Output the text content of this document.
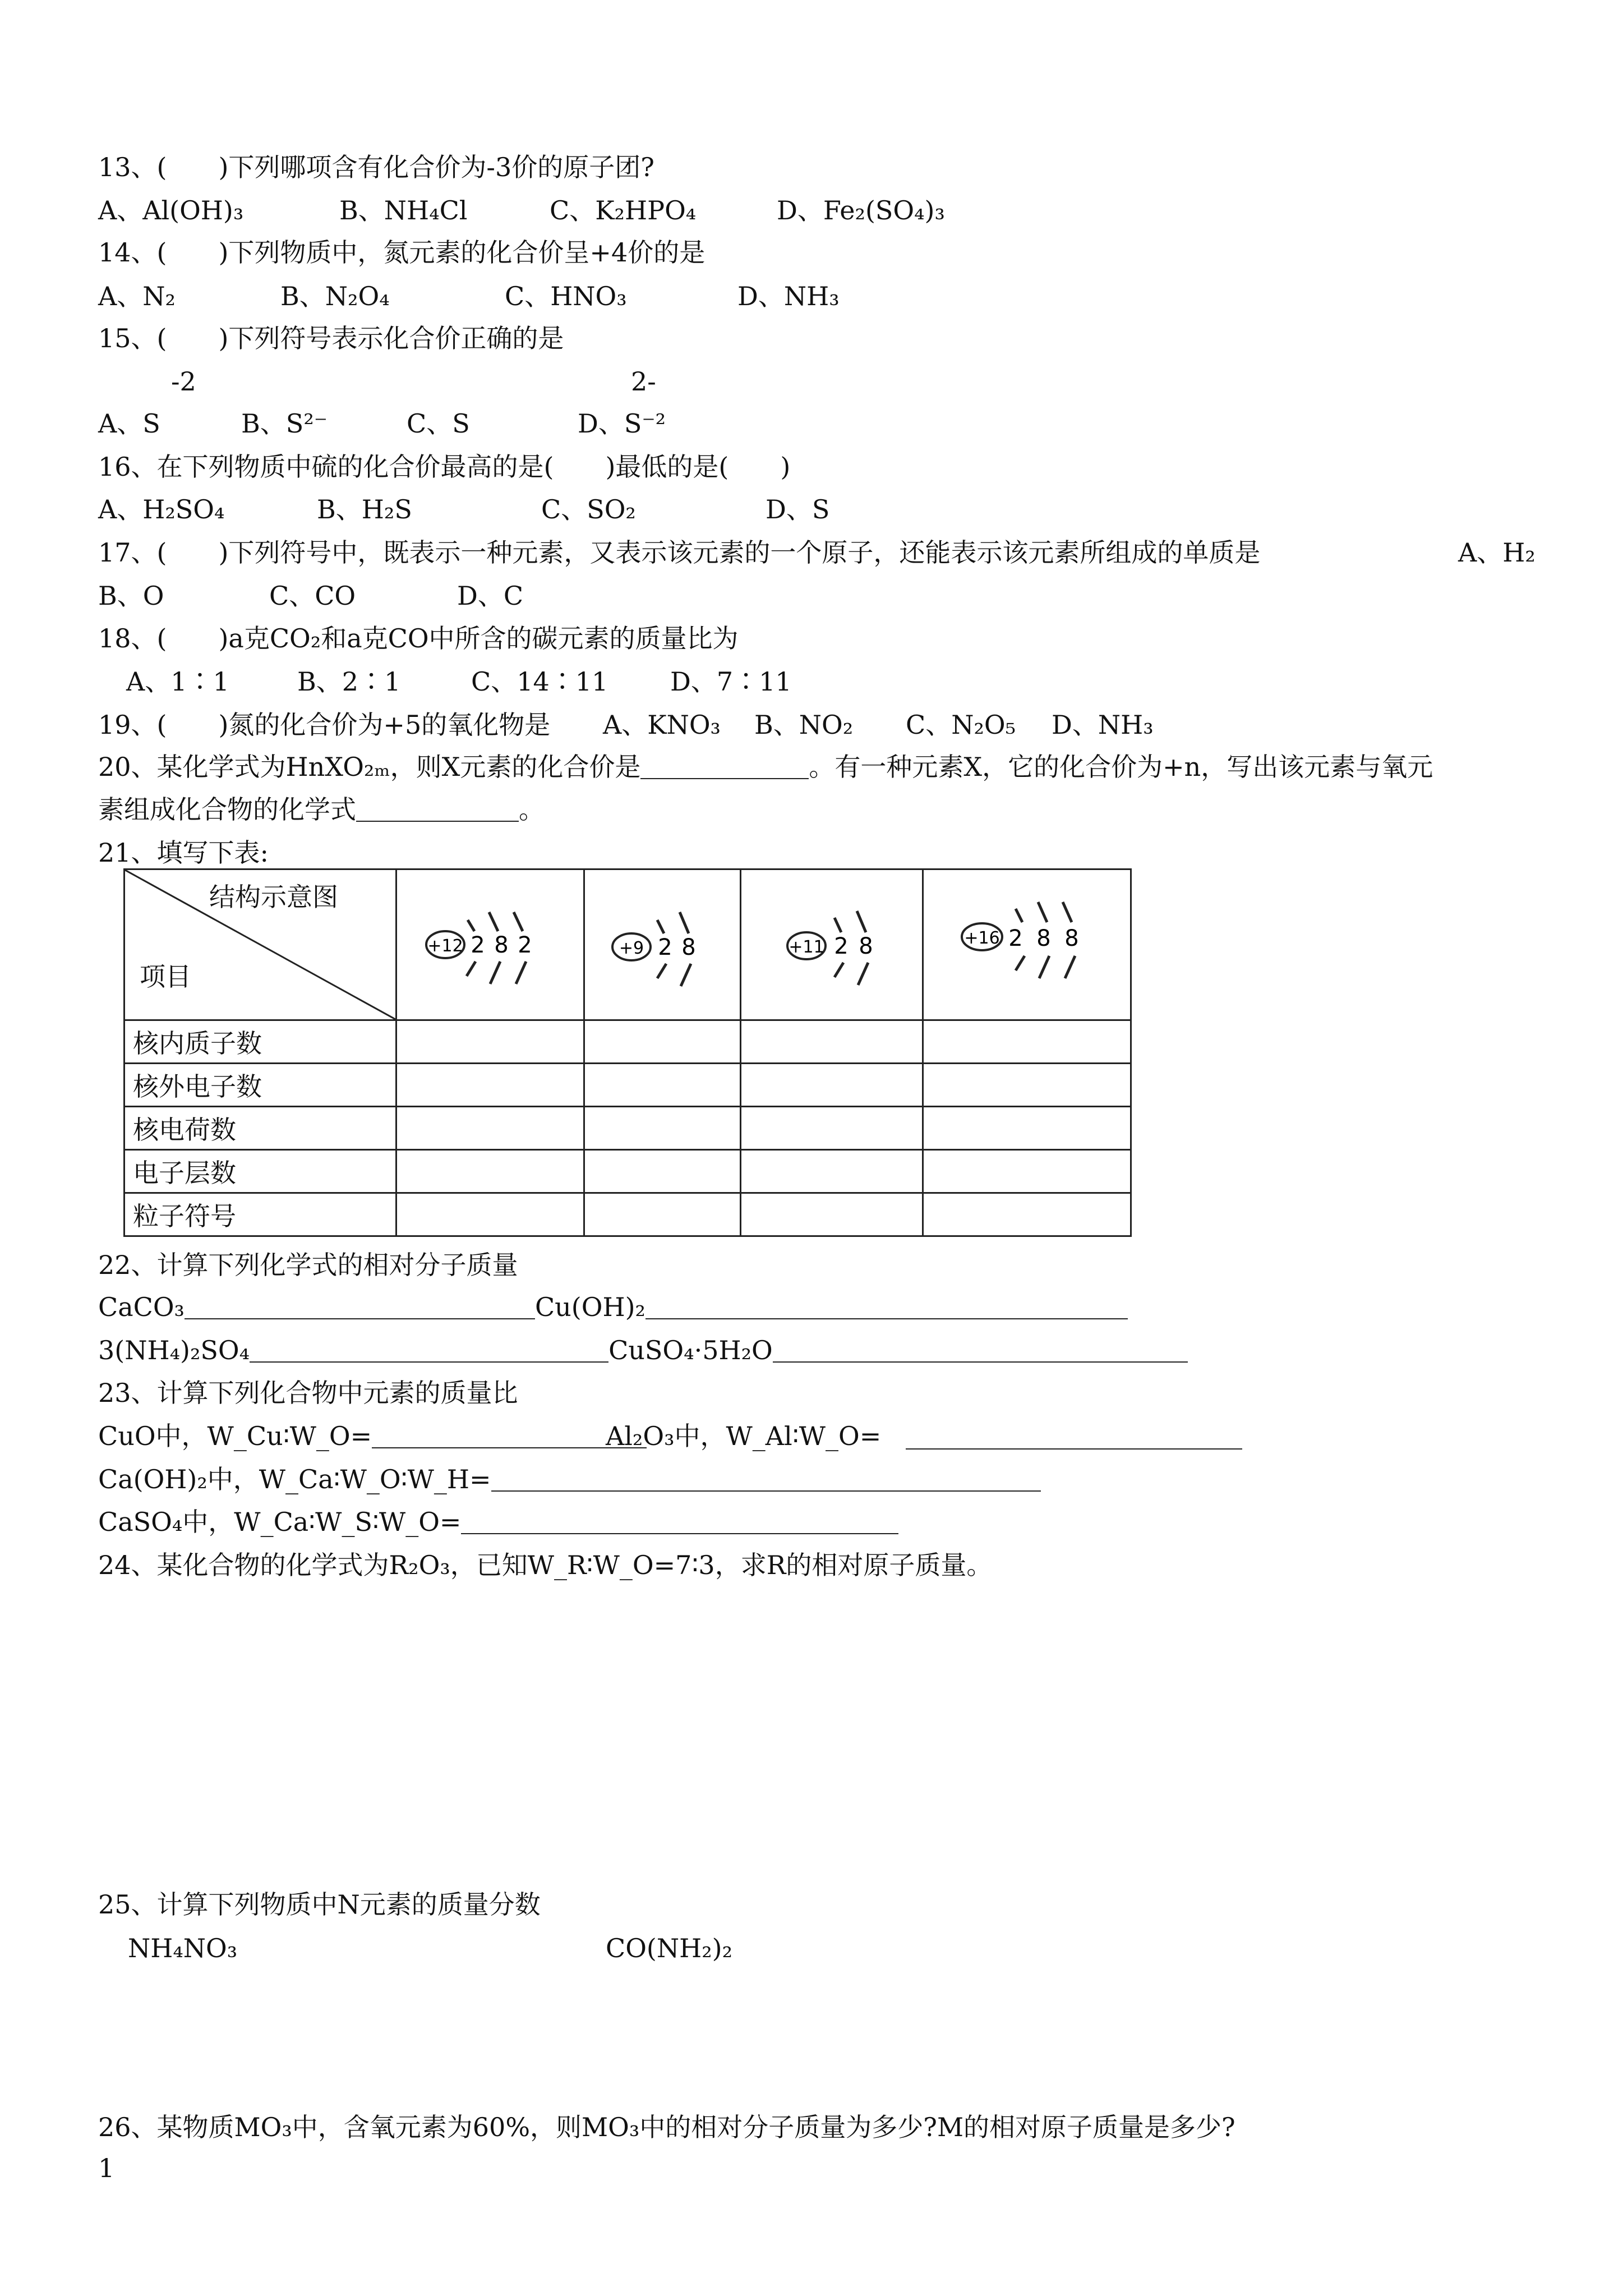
13、(　　)下列哪项含有化合价为-3价的原子团?
A、Al(OH)₃	B、NH₄Cl	C、K₂HPO₄	D、Fe₂(SO₄)₃
14、(　　)下列物质中，氮元素的化合价呈+4价的是
A、N₂	B、N₂O₄	C、HNO₃	D、NH₃
15、(　　)下列符号表示化合价正确的是
-2	2-
A、S	B、S²⁻	C、S	D、S⁻²
16、在下列物质中硫的化合价最高的是(　　)最低的是(　　)
A、H₂SO₄	B、H₂S	C、SO₂	D、S
17、(　　)下列符号中，既表示一种元素，又表示该元素的一个原子，还能表示该元素所组成的单质是	A、H₂
B、O	C、CO	D、C
18、(　　)a克CO₂和a克CO中所含的碳元素的质量比为
A、1∶1	B、2∶1	C、14∶11 D、7∶11
19、(　　)氮的化合价为+5的氧化物是 A、KNO₃ B、NO₂ C、N₂O₅ D、NH₃
20、某化学式为HnXO₂ₘ，则X元素的化合价是	。有一种元素X，它的化合价为+n，写出该元素与氧元
素组成化合物的化学式	。
21、填写下表:
结构示意图
项目	+12 2 8 2	+9 2 8	+11 2 8	+16 2 8 8

核内质子数				
核外电子数				
核电荷数				
电子层数				
粒子符号				
22、计算下列化学式的相对分子质量
CaCO₃	Cu(OH)₂
3(NH₄)₂SO₄	CuSO₄·5H₂O
23、计算下列化合物中元素的质量比
CuO中，W_Cu∶W_O=	Al₂O₃中，W_Al∶W_O=
Ca(OH)₂中，W_Ca∶W_O∶W_H=
CaSO₄中，W_Ca∶W_S∶W_O=
24、某化合物的化学式为R₂O₃，已知W_R∶W_O=7∶3，求R的相对原子质量。
25、计算下列物质中N元素的质量分数
NH₄NO₃	CO(NH₂)₂
26、某物质MO₃中，含氧元素为60%，则MO₃中的相对分子质量为多少?M的相对原子质量是多少?
1
